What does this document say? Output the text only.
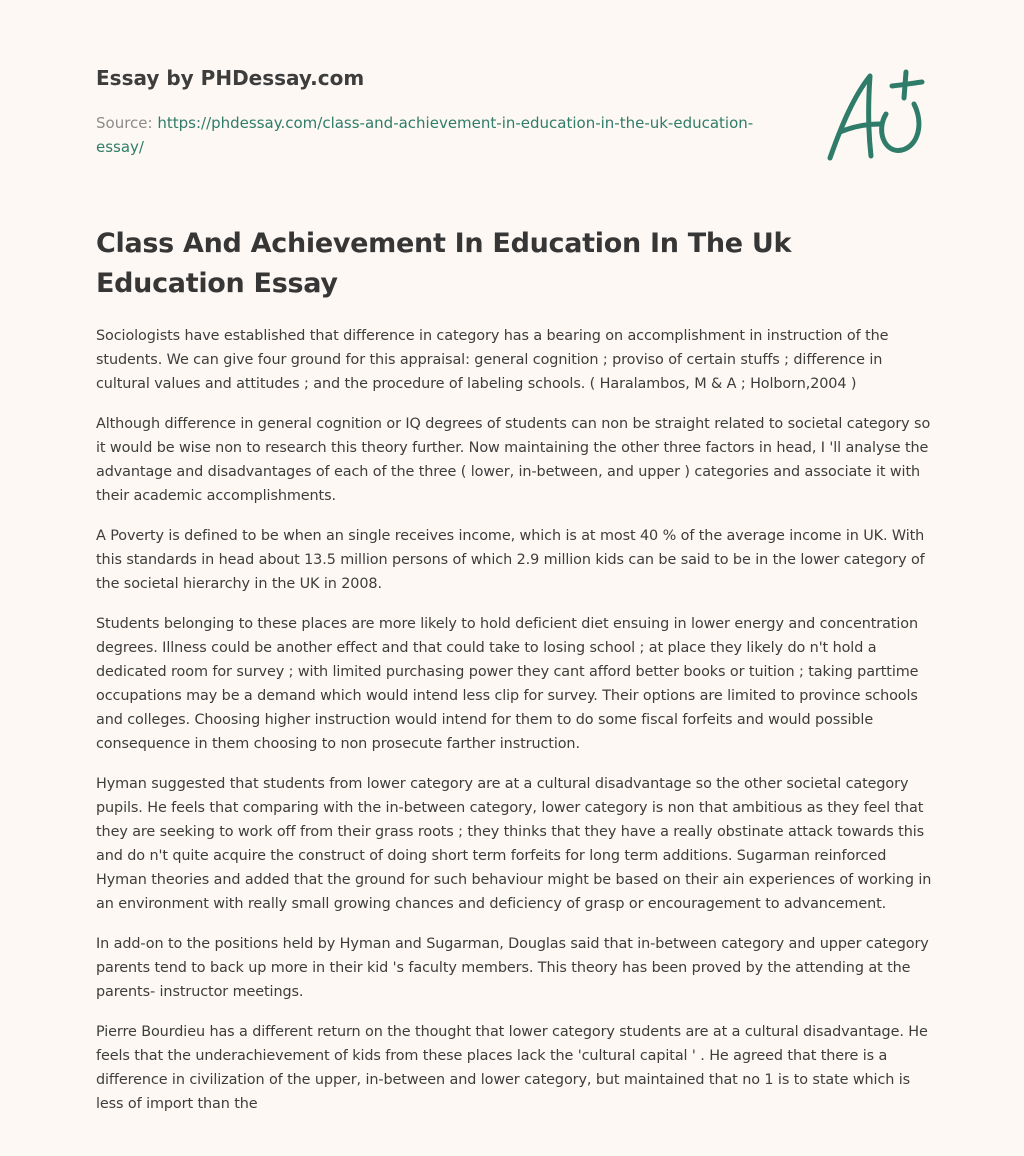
Essay by PHDessay.com
Source: https://phdessay.com/class-and-achievement-in-education-in-the-uk-education-
essay/
Class And Achievement In Education In The Uk Education Essay

Sociologists have established that difference in category has a bearing on accomplishment in instruction of the students. We can give four ground for this appraisal: general cognition ; proviso of certain stuffs ; difference in cultural values and attitudes ; and the procedure of labeling schools. ( Haralambos, M & A ; Holborn,2004 )

Although difference in general cognition or IQ degrees of students can non be straight related to societal category so it would be wise non to research this theory further. Now maintaining the other three factors in head, I 'll analyse the advantage and disadvantages of each of the three ( lower, in-between, and upper ) categories and associate it with their academic accomplishments.

A Poverty is defined to be when an single receives income, which is at most 40 % of the average income in UK. With this standards in head about 13.5 million persons of which 2.9 million kids can be said to be in the lower category of the societal hierarchy in the UK in 2008.

Students belonging to these places are more likely to hold deficient diet ensuing in lower energy and concentration degrees. Illness could be another effect and that could take to losing school ; at place they likely do n't hold a dedicated room for survey ; with limited purchasing power they cant afford better books or tuition ; taking parttime occupations may be a demand which would intend less clip for survey. Their options are limited to province schools and colleges. Choosing higher instruction would intend for them to do some fiscal forfeits and would possible consequence in them choosing to non prosecute farther instruction.

Hyman suggested that students from lower category are at a cultural disadvantage so the other societal category pupils. He feels that comparing with the in-between category, lower category is non that ambitious as they feel that they are seeking to work off from their grass roots ; they thinks that they have a really obstinate attack towards this and do n't quite acquire the construct of doing short term forfeits for long term additions. Sugarman reinforced Hyman theories and added that the ground for such behaviour might be based on their ain experiences of working in an environment with really small growing chances and deficiency of grasp or encouragement to advancement.

In add-on to the positions held by Hyman and Sugarman, Douglas said that in-between category and upper category parents tend to back up more in their kid 's faculty members. This theory has been proved by the attending at the parents- instructor meetings.

Pierre Bourdieu has a different return on the thought that lower category students are at a cultural disadvantage. He feels that the underachievement of kids from these places lack the 'cultural capital ' . He agreed that there is a difference in civilization of the upper, in-between and lower category, but maintained that no 1 is to state which is less of import than the
